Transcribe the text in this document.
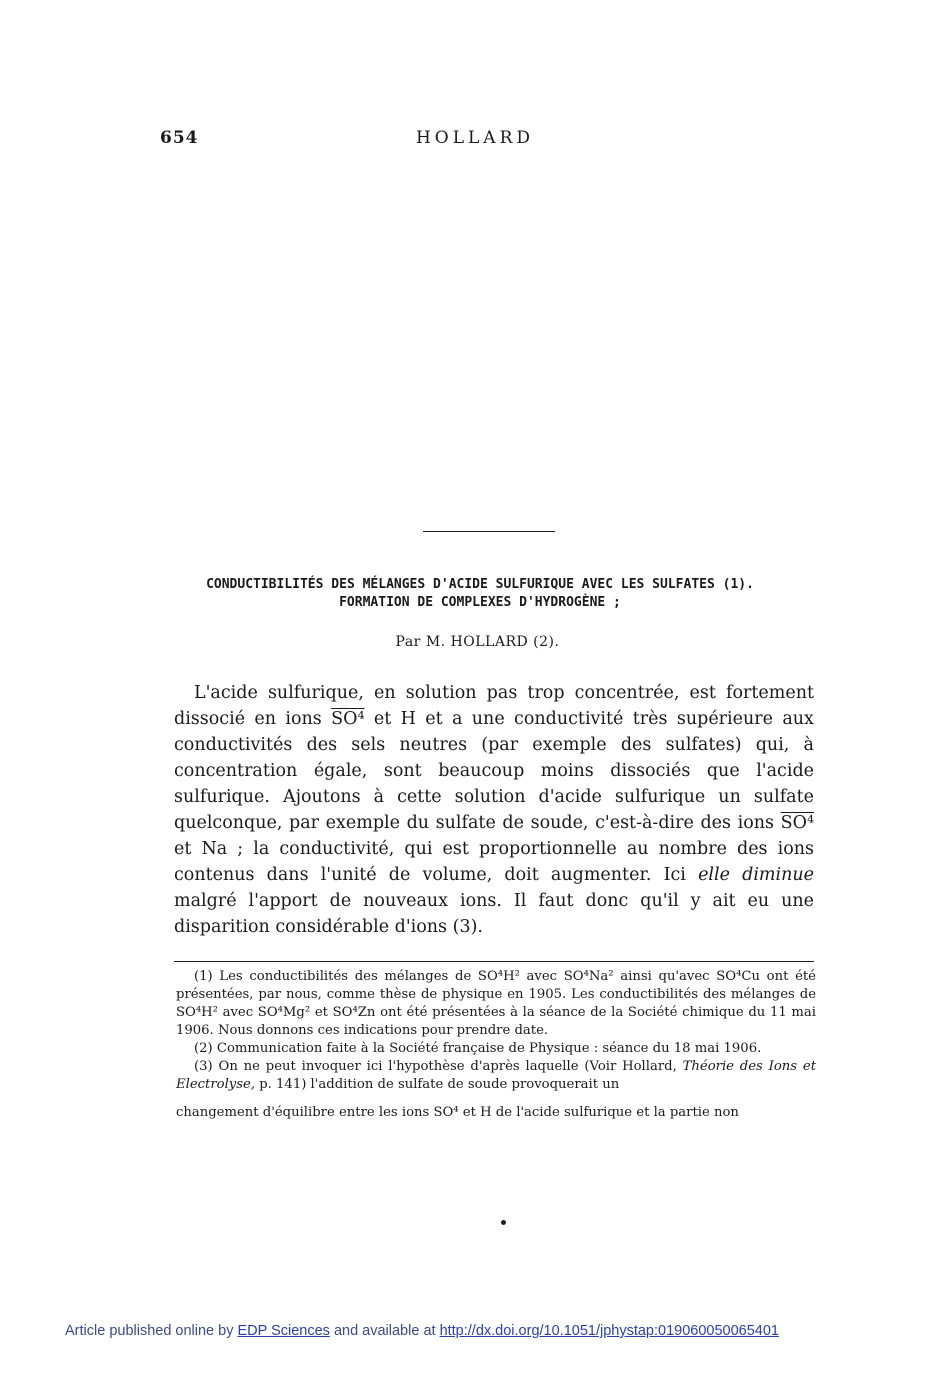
654	HOLLARD
CONDUCTIBILITÉS DES MÉLANGES D'ACIDE SULFURIQUE AVEC LES SULFATES (1).
FORMATION DE COMPLEXES D'HYDROGÈNE ;
Par M. HOLLARD (2).
L'acide sulfurique, en solution pas trop concentrée, est fortement dissocié en ions SO⁴ et H et a une conductivité très supérieure aux conductivités des sels neutres (par exemple des sulfates) qui, à concentration égale, sont beaucoup moins dissociés que l'acide sulfurique. Ajoutons à cette solution d'acide sulfurique un sulfate quelconque, par exemple du sulfate de soude, c'est-à-dire des ions SO⁴ et Na ; la conductivité, qui est proportionnelle au nombre des ions contenus dans l'unité de volume, doit augmenter. Ici elle diminue malgré l'apport de nouveaux ions. Il faut donc qu'il y ait eu une disparition considérable d'ions (3).

(1) Les conductibilités des mélanges de SO⁴H² avec SO⁴Na² ainsi qu'avec SO⁴Cu ont été présentées, par nous, comme thèse de physique en 1905. Les conductibilités des mélanges de SO⁴H² avec SO⁴Mg² et SO⁴Zn ont été présentées à la séance de la Société chimique du 11 mai 1906. Nous donnons ces indications pour prendre date.

(2) Communication faite à la Société française de Physique : séance du 18 mai 1906.

(3) On ne peut invoquer ici l'hypothèse d'après laquelle (Voir Hollard, Théorie des Ions et Electrolyse, p. 141) l'addition de sulfate de soude provoquerait un

changement d'équilibre entre les ions SO⁴ et H de l'acide sulfurique et la partie non

Article published online by EDP Sciences and available at http://dx.doi.org/10.1051/jphystap:019060050065401
